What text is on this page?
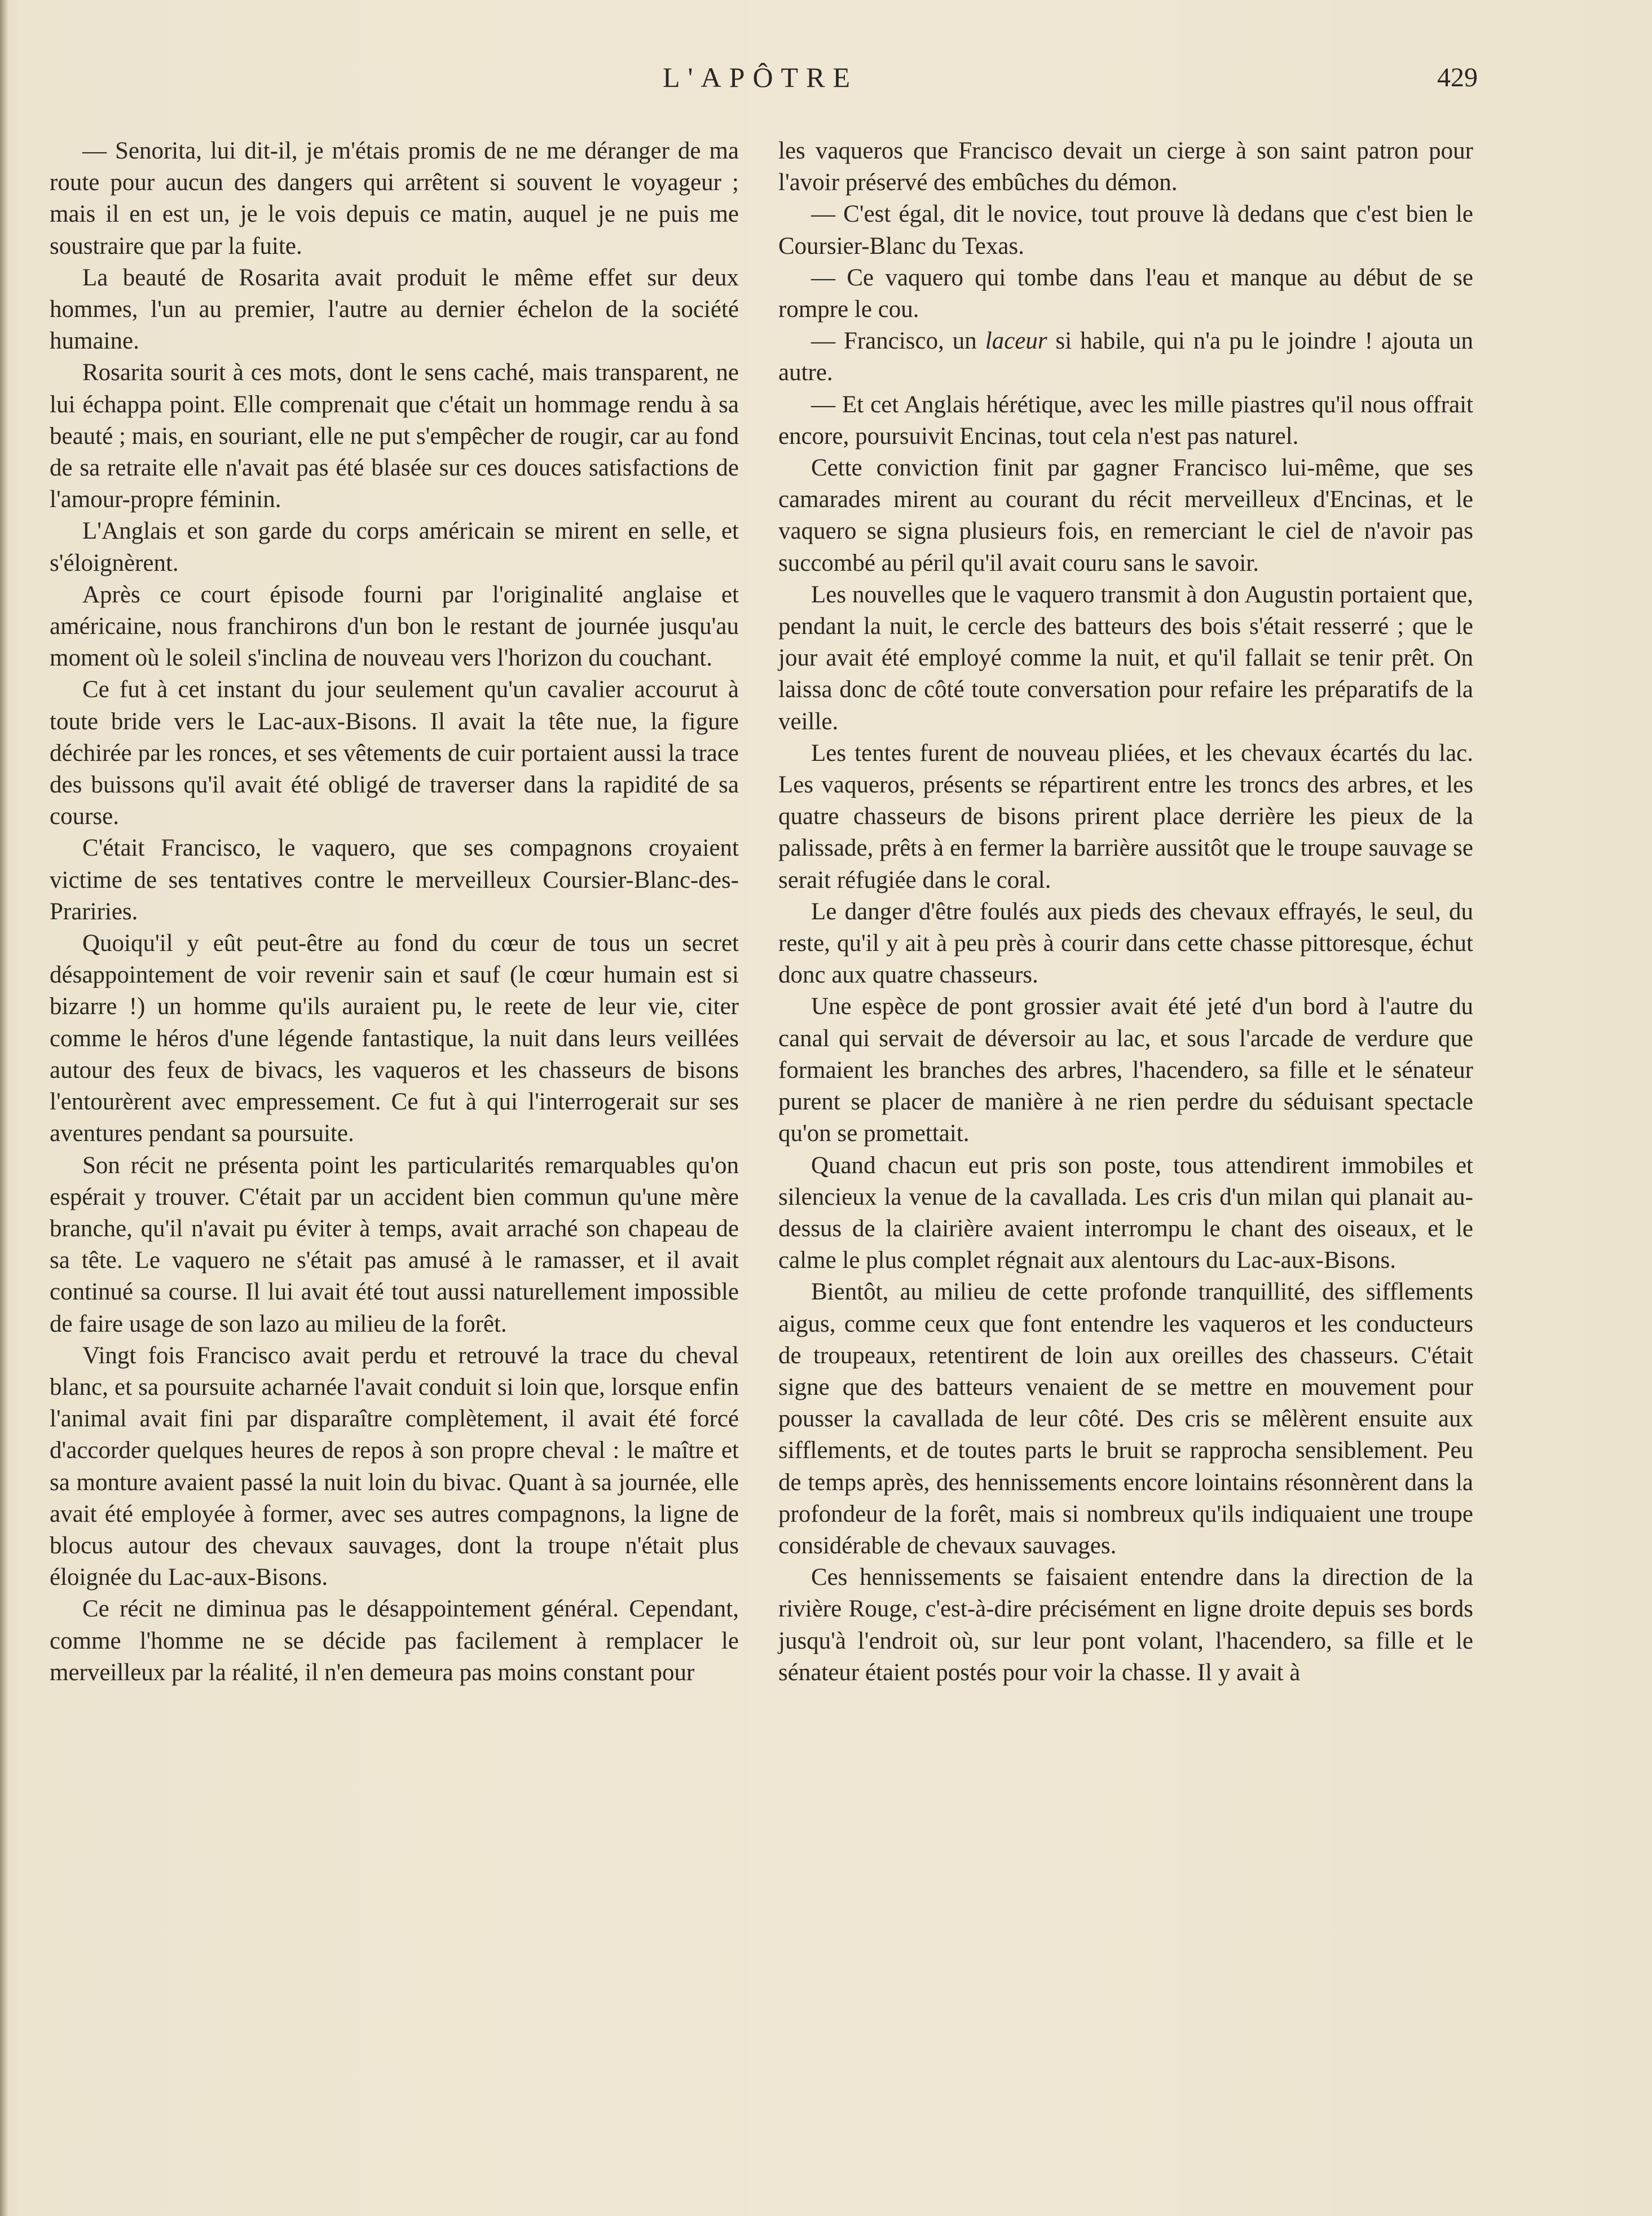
L'APÔTRE	429

— Senorita, lui dit-il, je m'étais promis de ne me déranger de ma route pour aucun des dangers qui arrêtent si souvent le voyageur ; mais il en est un, je le vois depuis ce matin, auquel je ne puis me soustraire que par la fuite.

La beauté de Rosarita avait produit le même effet sur deux hommes, l'un au premier, l'autre au dernier échelon de la société humaine.

Rosarita sourit à ces mots, dont le sens caché, mais transparent, ne lui échappa point. Elle comprenait que c'était un hommage rendu à sa beauté ; mais, en souriant, elle ne put s'empêcher de rougir, car au fond de sa retraite elle n'avait pas été blasée sur ces douces satisfactions de l'amour-propre féminin.

L'Anglais et son garde du corps américain se mirent en selle, et s'éloignèrent.

Après ce court épisode fourni par l'originalité anglaise et américaine, nous franchirons d'un bon le restant de journée jusqu'au moment où le soleil s'inclina de nouveau vers l'horizon du couchant.

Ce fut à cet instant du jour seulement qu'un cavalier accourut à toute bride vers le Lac-aux-Bisons. Il avait la tête nue, la figure déchirée par les ronces, et ses vêtements de cuir portaient aussi la trace des buissons qu'il avait été obligé de traverser dans la rapidité de sa course.

C'était Francisco, le vaquero, que ses compagnons croyaient victime de ses tentatives contre le merveilleux Coursier-Blanc-des-Prariries.

Quoiqu'il y eût peut-être au fond du cœur de tous un secret désappointement de voir revenir sain et sauf (le cœur humain est si bizarre !) un homme qu'ils auraient pu, le reete de leur vie, citer comme le héros d'une légende fantastique, la nuit dans leurs veillées autour des feux de bivacs, les vaqueros et les chasseurs de bisons l'entourèrent avec empressement. Ce fut à qui l'interrogerait sur ses aventures pendant sa poursuite.

Son récit ne présenta point les particularités remarquables qu'on espérait y trouver. C'était par un accident bien commun qu'une mère branche, qu'il n'avait pu éviter à temps, avait arraché son chapeau de sa tête. Le vaquero ne s'était pas amusé à le ramasser, et il avait continué sa course. Il lui avait été tout aussi naturellement impossible de faire usage de son lazo au milieu de la forêt.

Vingt fois Francisco avait perdu et retrouvé la trace du cheval blanc, et sa poursuite acharnée l'avait conduit si loin que, lorsque enfin l'animal avait fini par disparaître complètement, il avait été forcé d'accorder quelques heures de repos à son propre cheval : le maître et sa monture avaient passé la nuit loin du bivac. Quant à sa journée, elle avait été employée à former, avec ses autres compagnons, la ligne de blocus autour des chevaux sauvages, dont la troupe n'était plus éloignée du Lac-aux-Bisons.

Ce récit ne diminua pas le désappointement général. Cependant, comme l'homme ne se décide pas facilement à remplacer le merveilleux par la réalité, il n'en demeura pas moins constant pour

les vaqueros que Francisco devait un cierge à son saint patron pour l'avoir préservé des embûches du démon.

— C'est égal, dit le novice, tout prouve là dedans que c'est bien le Coursier-Blanc du Texas.

— Ce vaquero qui tombe dans l'eau et manque au début de se rompre le cou.

— Francisco, un laceur si habile, qui n'a pu le joindre ! ajouta un autre.

— Et cet Anglais hérétique, avec les mille piastres qu'il nous offrait encore, poursuivit Encinas, tout cela n'est pas naturel.

Cette conviction finit par gagner Francisco lui-même, que ses camarades mirent au courant du récit merveilleux d'Encinas, et le vaquero se signa plusieurs fois, en remerciant le ciel de n'avoir pas succombé au péril qu'il avait couru sans le savoir.

Les nouvelles que le vaquero transmit à don Augustin portaient que, pendant la nuit, le cercle des batteurs des bois s'était resserré ; que le jour avait été employé comme la nuit, et qu'il fallait se tenir prêt. On laissa donc de côté toute conversation pour refaire les préparatifs de la veille.

Les tentes furent de nouveau pliées, et les chevaux écartés du lac. Les vaqueros, présents se répartirent entre les troncs des arbres, et les quatre chasseurs de bisons prirent place derrière les pieux de la palissade, prêts à en fermer la barrière aussitôt que le troupe sauvage se serait réfugiée dans le coral.

Le danger d'être foulés aux pieds des chevaux effrayés, le seul, du reste, qu'il y ait à peu près à courir dans cette chasse pittoresque, échut donc aux quatre chasseurs.

Une espèce de pont grossier avait été jeté d'un bord à l'autre du canal qui servait de déversoir au lac, et sous l'arcade de verdure que formaient les branches des arbres, l'hacendero, sa fille et le sénateur purent se placer de manière à ne rien perdre du séduisant spectacle qu'on se promettait.

Quand chacun eut pris son poste, tous attendirent immobiles et silencieux la venue de la cavallada. Les cris d'un milan qui planait au-dessus de la clairière avaient interrompu le chant des oiseaux, et le calme le plus complet régnait aux alentours du Lac-aux-Bisons.

Bientôt, au milieu de cette profonde tranquillité, des sifflements aigus, comme ceux que font entendre les vaqueros et les conducteurs de troupeaux, retentirent de loin aux oreilles des chasseurs. C'était signe que des batteurs venaient de se mettre en mouvement pour pousser la cavallada de leur côté. Des cris se mêlèrent ensuite aux sifflements, et de toutes parts le bruit se rapprocha sensiblement. Peu de temps après, des hennissements encore lointains résonnèrent dans la profondeur de la forêt, mais si nombreux qu'ils indiquaient une troupe considérable de chevaux sauvages.

Ces hennissements se faisaient entendre dans la direction de la rivière Rouge, c'est-à-dire précisément en ligne droite depuis ses bords jusqu'à l'endroit où, sur leur pont volant, l'hacendero, sa fille et le sénateur étaient postés pour voir la chasse. Il y avait à
